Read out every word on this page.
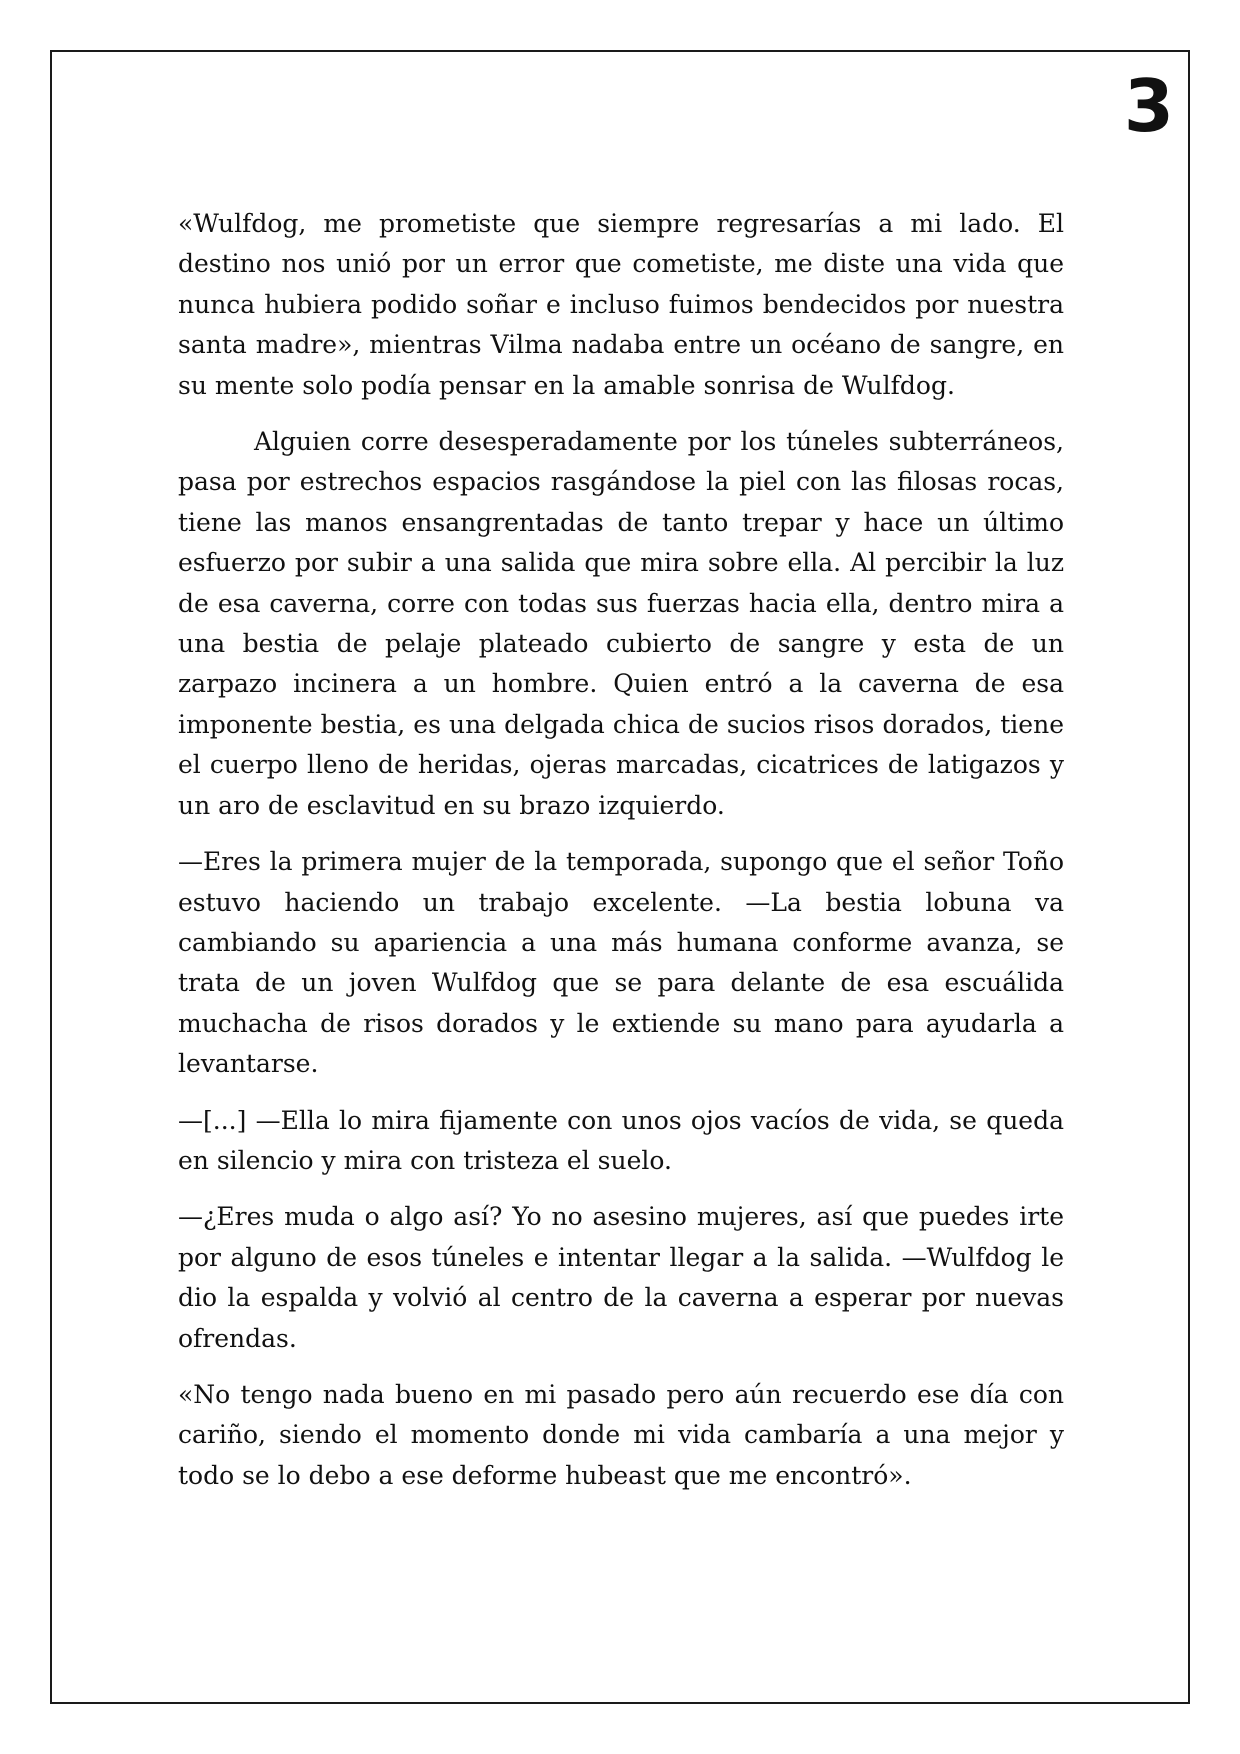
3

«Wulfdog, me prometiste que siempre regresarías a mi lado. El destino nos unió por un error que cometiste, me diste una vida que nunca hubiera podido soñar e incluso fuimos bendecidos por nuestra santa madre», mientras Vilma nadaba entre un océano de sangre, en su mente solo podía pensar en la amable sonrisa de Wulfdog.

Alguien corre desesperadamente por los túneles subterráneos, pasa por estrechos espacios rasgándose la piel con las filosas rocas, tiene las manos ensangrentadas de tanto trepar y hace un último esfuerzo por subir a una salida que mira sobre ella. Al percibir la luz de esa caverna, corre con todas sus fuerzas hacia ella, dentro mira a una bestia de pelaje plateado cubierto de sangre y esta de un zarpazo incinera a un hombre. Quien entró a la caverna de esa imponente bestia, es una delgada chica de sucios risos dorados, tiene el cuerpo lleno de heridas, ojeras marcadas, cicatrices de latigazos y un aro de esclavitud en su brazo izquierdo.

—Eres la primera mujer de la temporada, supongo que el señor Toño estuvo haciendo un trabajo excelente. —La bestia lobuna va cambiando su apariencia a una más humana conforme avanza, se trata de un joven Wulfdog que se para delante de esa escuálida muchacha de risos dorados y le extiende su mano para ayudarla a levantarse.

—[...] —Ella lo mira fijamente con unos ojos vacíos de vida, se queda en silencio y mira con tristeza el suelo.

—¿Eres muda o algo así? Yo no asesino mujeres, así que puedes irte por alguno de esos túneles e intentar llegar a la salida. —Wulfdog le dio la espalda y volvió al centro de la caverna a esperar por nuevas ofrendas.

«No tengo nada bueno en mi pasado pero aún recuerdo ese día con cariño, siendo el momento donde mi vida cambaría a una mejor y todo se lo debo a ese deforme hubeast que me encontró».
